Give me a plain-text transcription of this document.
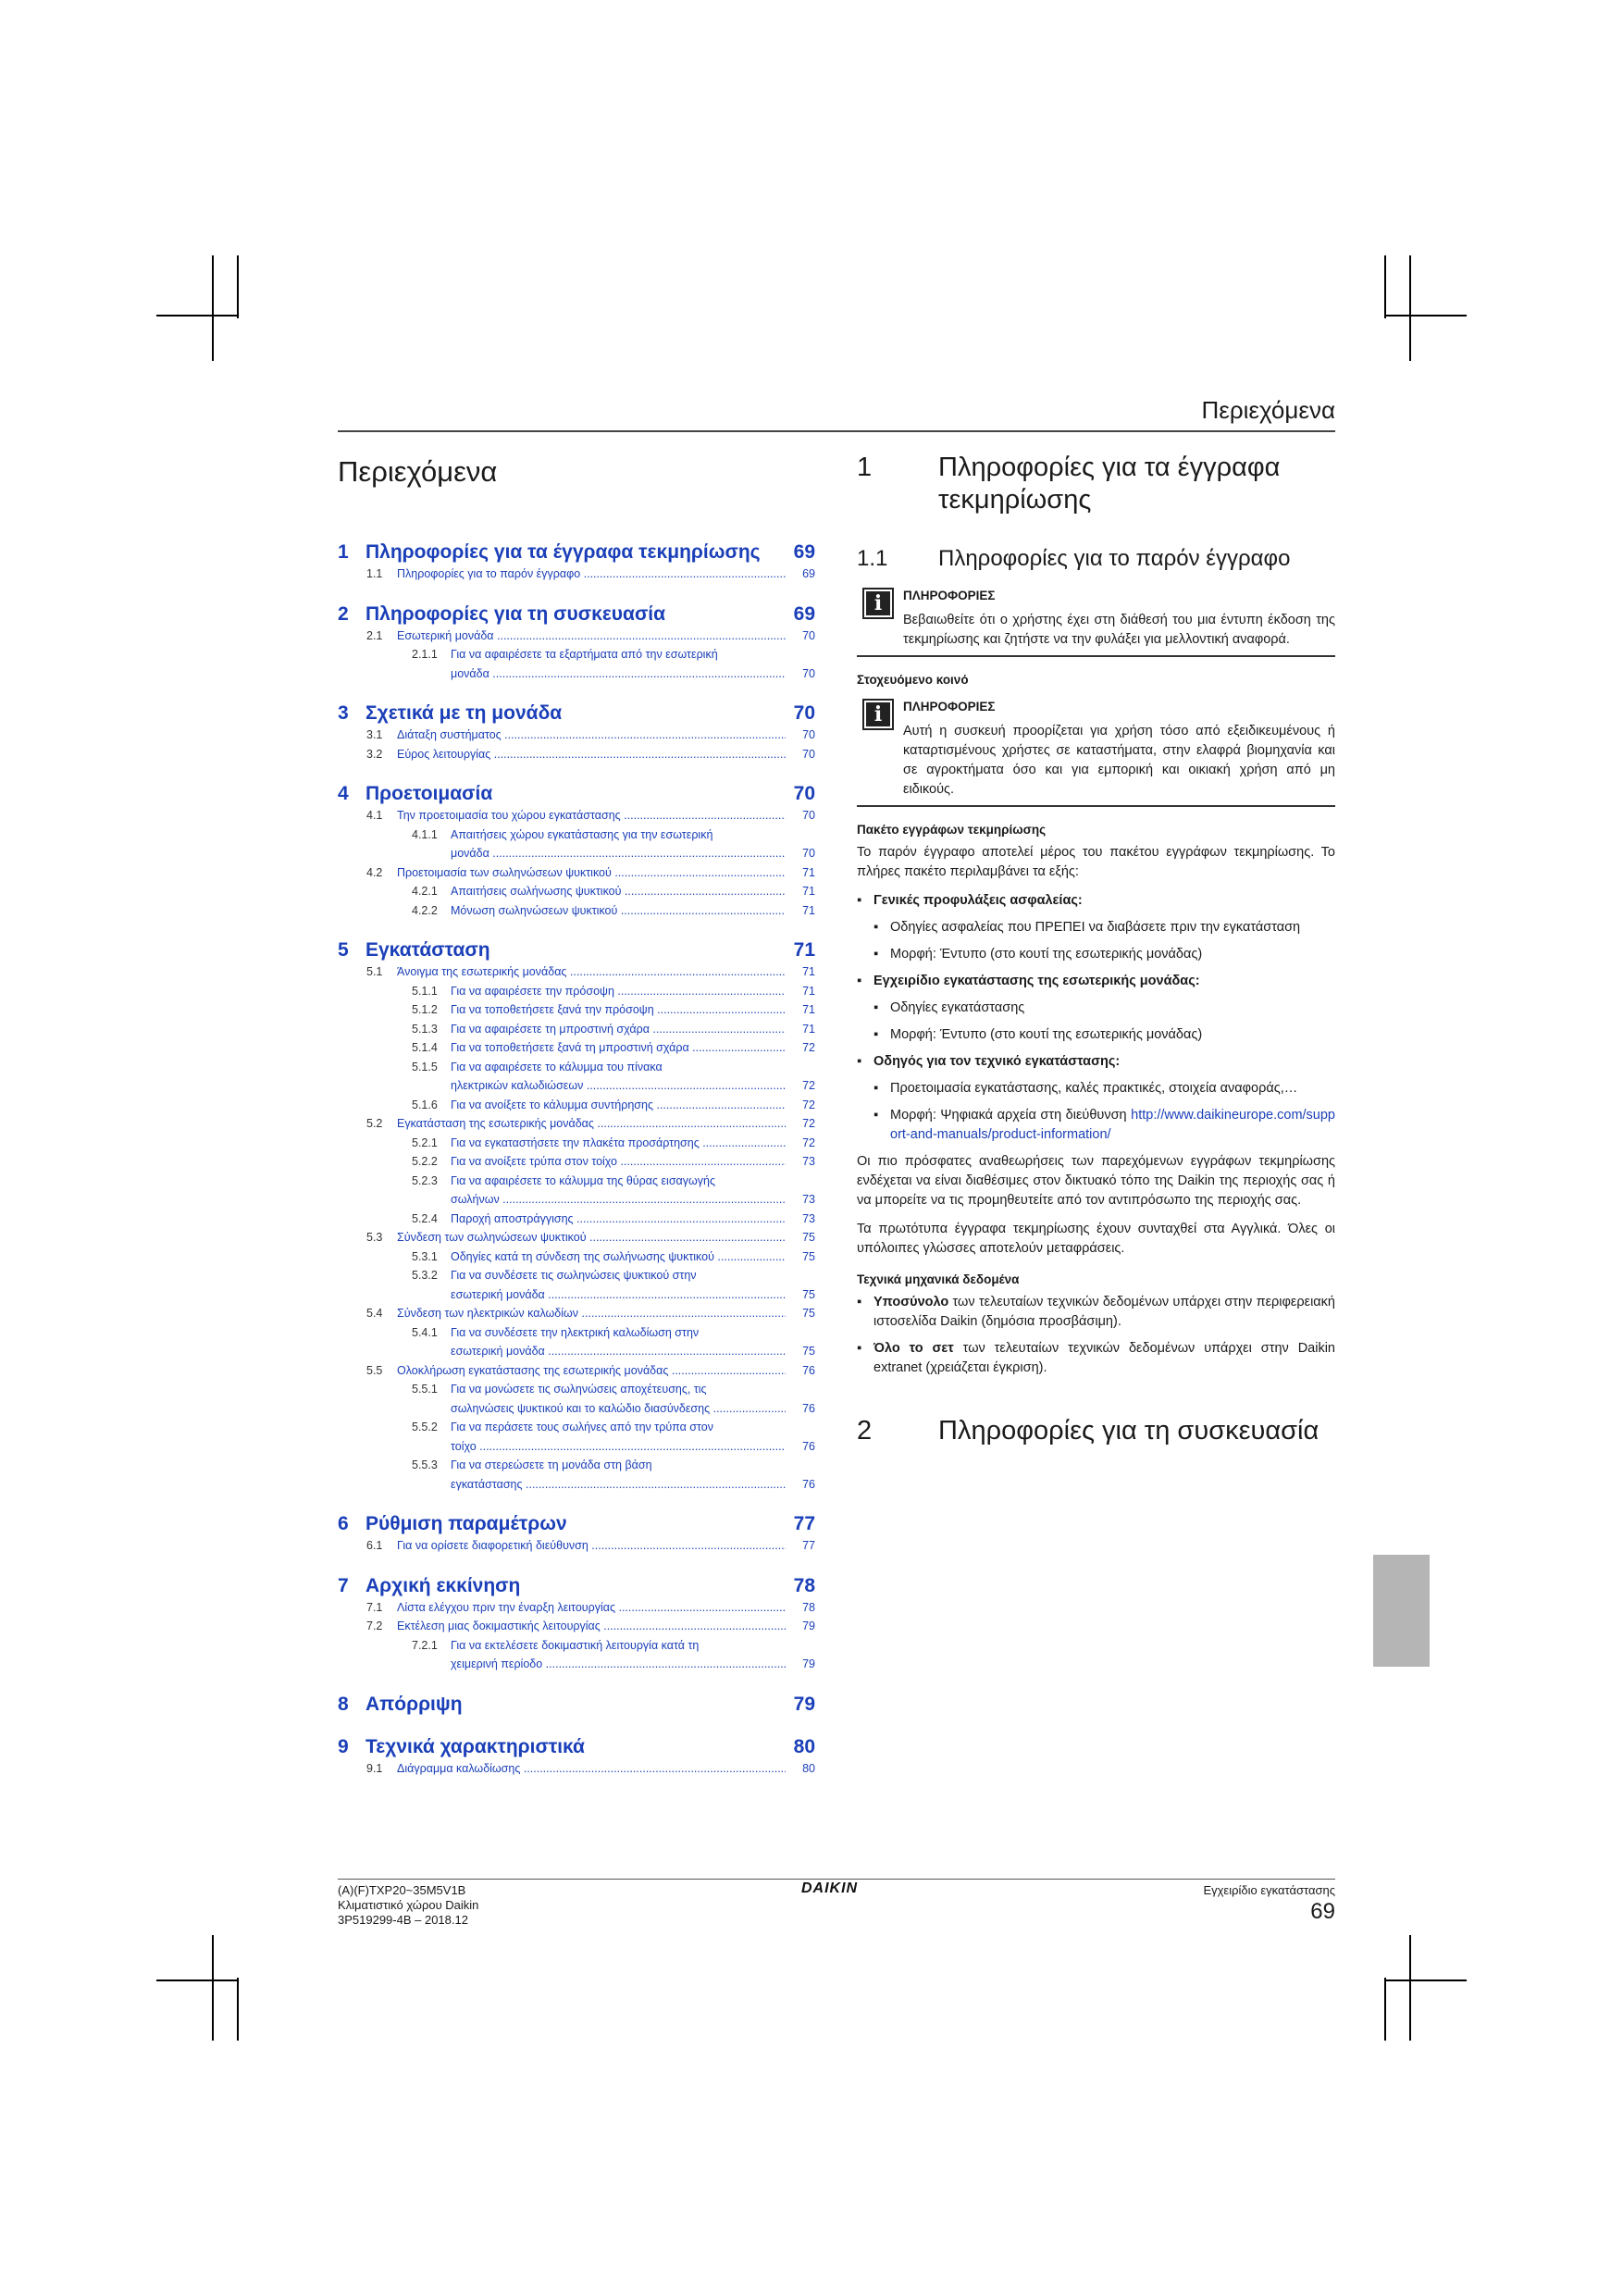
Περιεχόμενα
Περιεχόμενα
1 Πληροφορίες για τα έγγραφα τεκμηρίωσης	69
1.1	Πληροφορίες για το παρόν έγγραφο .....	69
2 Πληροφορίες για τη συσκευασία	69
2.1	Εσωτερική μονάδα .....	70
2.1.1	Για να αφαιρέσετε τα εξαρτήματα από την εσωτερική
μονάδα .....	70
3 Σχετικά με τη μονάδα	70
3.1	Διάταξη συστήματος .....	70
3.2	Εύρος λειτουργίας .....	70
4 Προετοιμασία	70
4.1	Την προετοιμασία του χώρου εγκατάστασης .....	70
4.1.1	Απαιτήσεις χώρου εγκατάστασης για την εσωτερική
μονάδα .....	70
4.2	Προετοιμασία των σωληνώσεων ψυκτικού .....	71
4.2.1	Απαιτήσεις σωλήνωσης ψυκτικού .....	71
4.2.2	Μόνωση σωληνώσεων ψυκτικού .....	71
5 Εγκατάσταση	71
5.1	Άνοιγμα της εσωτερικής μονάδας .....	71
5.1.1	Για να αφαιρέσετε την πρόσοψη .....	71
5.1.2	Για να τοποθετήσετε ξανά την πρόσοψη .....	71
5.1.3	Για να αφαιρέσετε τη μπροστινή σχάρα .....	71
5.1.4	Για να τοποθετήσετε ξανά τη μπροστινή σχάρα .....	72
5.1.5	Για να αφαιρέσετε το κάλυμμα του πίνακα
ηλεκτρικών καλωδιώσεων .....	72
5.1.6	Για να ανοίξετε το κάλυμμα συντήρησης .....	72
5.2	Εγκατάσταση της εσωτερικής μονάδας .....	72
5.2.1	Για να εγκαταστήσετε την πλακέτα προσάρτησης .....	72
5.2.2	Για να ανοίξετε τρύπα στον τοίχο .....	73
5.2.3	Για να αφαιρέσετε το κάλυμμα της θύρας εισαγωγής
σωλήνων .....	73
5.2.4	Παροχή αποστράγγισης .....	73
5.3	Σύνδεση των σωληνώσεων ψυκτικού .....	75
5.3.1	Οδηγίες κατά τη σύνδεση της σωλήνωσης ψυκτικού .....	75
5.3.2	Για να συνδέσετε τις σωληνώσεις ψυκτικού στην
εσωτερική μονάδα .....	75
5.4	Σύνδεση των ηλεκτρικών καλωδίων .....	75
5.4.1	Για να συνδέσετε την ηλεκτρική καλωδίωση στην
εσωτερική μονάδα .....	75
5.5	Ολοκλήρωση εγκατάστασης της εσωτερικής μονάδας .....	76
5.5.1	Για να μονώσετε τις σωληνώσεις αποχέτευσης, τις
σωληνώσεις ψυκτικού και το καλώδιο διασύνδεσης .....	76
5.5.2	Για να περάσετε τους σωλήνες από την τρύπα στον
τοίχο .....	76
5.5.3	Για να στερεώσετε τη μονάδα στη βάση
εγκατάστασης .....	76
6 Ρύθμιση παραμέτρων	77
6.1	Για να ορίσετε διαφορετική διεύθυνση .....	77
7 Αρχική εκκίνηση	78
7.1	Λίστα ελέγχου πριν την έναρξη λειτουργίας .....	78
7.2	Εκτέλεση μιας δοκιμαστικής λειτουργίας .....	79
7.2.1	Για να εκτελέσετε δοκιμαστική λειτουργία κατά τη
χειμερινή περίοδο .....	79
8 Απόρριψη	79
9 Τεχνικά χαρακτηριστικά	80
9.1	Διάγραμμα καλωδίωσης .....	80
1	Πληροφορίες για τα έγγραφα τεκμηρίωσης
1.1	Πληροφορίες για το παρόν έγγραφο
i	ΠΛΗΡΟΦΟΡΙΕΣ
Βεβαιωθείτε ότι ο χρήστης έχει στη διάθεσή του μια έντυπη έκδοση της τεκμηρίωσης και ζητήστε να την φυλάξει για μελλοντική αναφορά.
Στοχευόμενο κοινό
i	ΠΛΗΡΟΦΟΡΙΕΣ
Αυτή η συσκευή προορίζεται για χρήση τόσο από εξειδικευμένους ή καταρτισμένους χρήστες σε καταστήματα, στην ελαφρά βιομηχανία και σε αγροκτήματα όσο και για εμπορική και οικιακή χρήση από μη ειδικούς.
Πακέτο εγγράφων τεκμηρίωσης

Το παρόν έγγραφο αποτελεί μέρος του πακέτου εγγράφων τεκμηρίωσης. Το πλήρες πακέτο περιλαμβάνει τα εξής:

▪ Γενικές προφυλάξεις ασφαλείας:
▪ Οδηγίες ασφαλείας που ΠΡΕΠΕΙ να διαβάσετε πριν την εγκατάσταση
▪ Μορφή: Έντυπο (στο κουτί της εσωτερικής μονάδας)
▪ Εγχειρίδιο εγκατάστασης της εσωτερικής μονάδας:
▪ Οδηγίες εγκατάστασης
▪ Μορφή: Έντυπο (στο κουτί της εσωτερικής μονάδας)
▪ Οδηγός για τον τεχνικό εγκατάστασης:
▪ Προετοιμασία εγκατάστασης, καλές πρακτικές, στοιχεία αναφοράς,…
▪ Μορφή: Ψηφιακά αρχεία στη διεύθυνση http://www.daikineurope.com/support-and-manuals/product-information/

Οι πιο πρόσφατες αναθεωρήσεις των παρεχόμενων εγγράφων τεκμηρίωσης ενδέχεται να είναι διαθέσιμες στον δικτυακό τόπο της Daikin της περιοχής σας ή να μπορείτε να τις προμηθευτείτε από τον αντιπρόσωπο της περιοχής σας.

Τα πρωτότυπα έγγραφα τεκμηρίωσης έχουν συνταχθεί στα Αγγλικά. Όλες οι υπόλοιπες γλώσσες αποτελούν μεταφράσεις.

Τεχνικά μηχανικά δεδομένα
▪ Υποσύνολο των τελευταίων τεχνικών δεδομένων υπάρχει στην περιφερειακή ιστοσελίδα Daikin (δημόσια προσβάσιμη).
▪ Όλο το σετ των τελευταίων τεχνικών δεδομένων υπάρχει στην Daikin extranet (χρειάζεται έγκριση).
2	Πληροφορίες για τη συσκευασία
(A)(F)TXP20~35M5V1B
Κλιματιστικό χώρου Daikin
3P519299-4B – 2018.12
DAIKIN	Εγχειρίδιο εγκατάστασης
69
